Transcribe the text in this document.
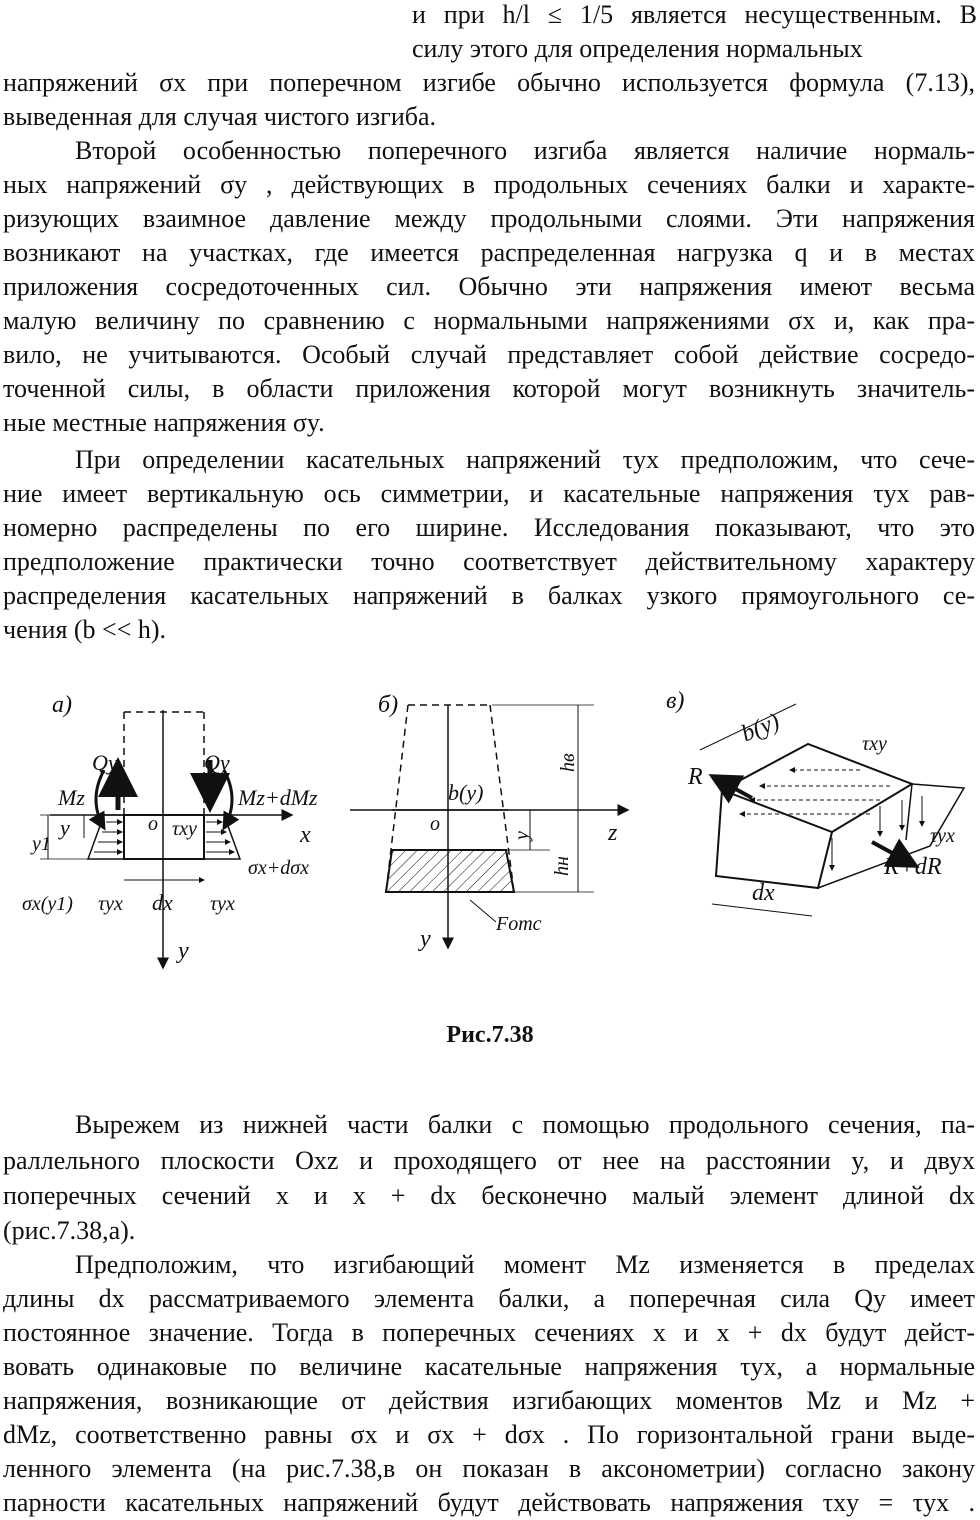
и при h/l ≤ 1/5 является несущественным. В
силу этого для определения нормальных
напряжений σx при поперечном изгибе обычно используется формула (7.13),
выведенная для случая чистого изгиба.
Второй особенностью поперечного изгиба является наличие нормаль-
ных напряжений σy , действующих в продольных сечениях балки и характе-
ризующих взаимное давление между продольными слоями. Эти напряжения
возникают на участках, где имеется распределенная нагрузка q и в местах
приложения сосредоточенных сил. Обычно эти напряжения имеют весьма
малую величину по сравнению с нормальными напряжениями σx и, как пра-
вило, не учитываются. Особый случай представляет собой действие сосредо-
точенной силы, в области приложения которой могут возникнуть значитель-
ные местные напряжения σy.
При определении касательных напряжений τyx предположим, что сече-
ние имеет вертикальную ось симметрии, и касательные напряжения τyx рав-
номерно распределены по его ширине. Исследования показывают, что это
предположение практически точно соответствует действительному характеру
распределения касательных напряжений в балках узкого прямоугольного се-
чения (b << h).
а)
Qy	Qy
Mz	Mz+dMz
y1
y	o τxy	x
σx+dσx
σx(y1) τyx dx τyx
y
б)
b(y)
hв
o
y	z
hн
Fотс
y
в)
b(y)	τxy
R
τyx
R+dR
dx
Рис.7.38
Вырежем из нижней части балки с помощью продольного сечения, па-
раллельного плоскости Oxz и проходящего от нее на расстоянии y, и двух
поперечных сечений x и x + dx бесконечно малый элемент длиной dx
(рис.7.38,а).
Предположим, что изгибающий момент Mz изменяется в пределах
длины dx рассматриваемого элемента балки, а поперечная сила Qy имеет
постоянное значение. Тогда в поперечных сечениях x и x + dx будут дейст-
вовать одинаковые по величине касательные напряжения τyx, а нормальные
напряжения, возникающие от действия изгибающих моментов Mz и Mz +
dMz, соответственно равны σx и σx + dσx . По горизонтальной грани выде-
ленного элемента (на рис.7.38,в он показан в аксонометрии) согласно закону
парности касательных напряжений будут действовать напряжения τxy = τyx .
